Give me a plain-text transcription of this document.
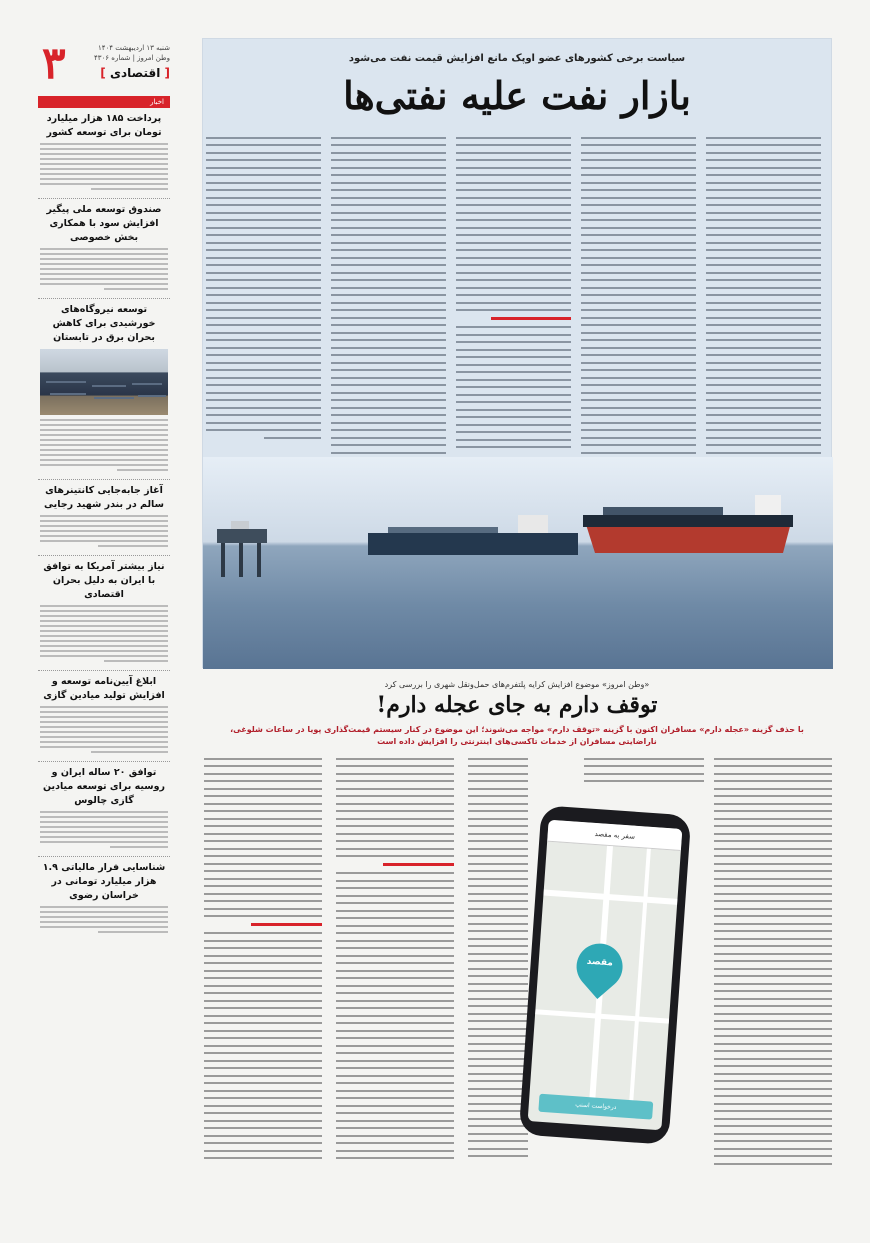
۳	شنبه ۱۳ اردیبهشت ۱۴۰۴
وطن امروز | شماره ۴۳۰۶
[ اقتصادی ]
اخبار
پرداخت ۱۸۵ هزار میلیارد تومان برای توسعه کشور
صندوق توسعه ملی پیگیر افزایش سود با همکاری بخش خصوصی
توسعه نیروگاه‌های خورشیدی برای کاهش بحران برق در تابستان
آغاز جابه‌جایی کانتینرهای سالم در بندر شهید رجایی
نیاز بیشتر آمریکا به توافق با ایران به دلیل بحران اقتصادی
ابلاغ آیین‌نامه توسعه و افزایش تولید میادین گازی
توافق ۲۰ ساله ایران و روسیه برای توسعه میادین گازی چالوس
شناسایی فرار مالیاتی ۱.۹ هزار میلیارد تومانی در خراسان رضوی
سیاست برخی کشورهای عضو اوپک مانع افزایش قیمت نفت می‌شود
بازار نفت علیه نفتی‌ها
«وطن امروز» موضوع افزایش کرایه پلتفرم‌های حمل‌ونقل شهری را بررسی کرد
توقف دارم به جای عجله دارم!
با حذف گزینه «عجله دارم» مسافران اکنون با گزینه «توقف دارم» مواجه می‌شوند؛ این موضوع در کنار سیستم قیمت‌گذاری پویا در ساعات شلوغی، ناراضایتی مسافران از خدمات تاکسی‌های اینترنتی را افزایش داده است
سفر به مقصد
مقصد
درخواست اسنپ
